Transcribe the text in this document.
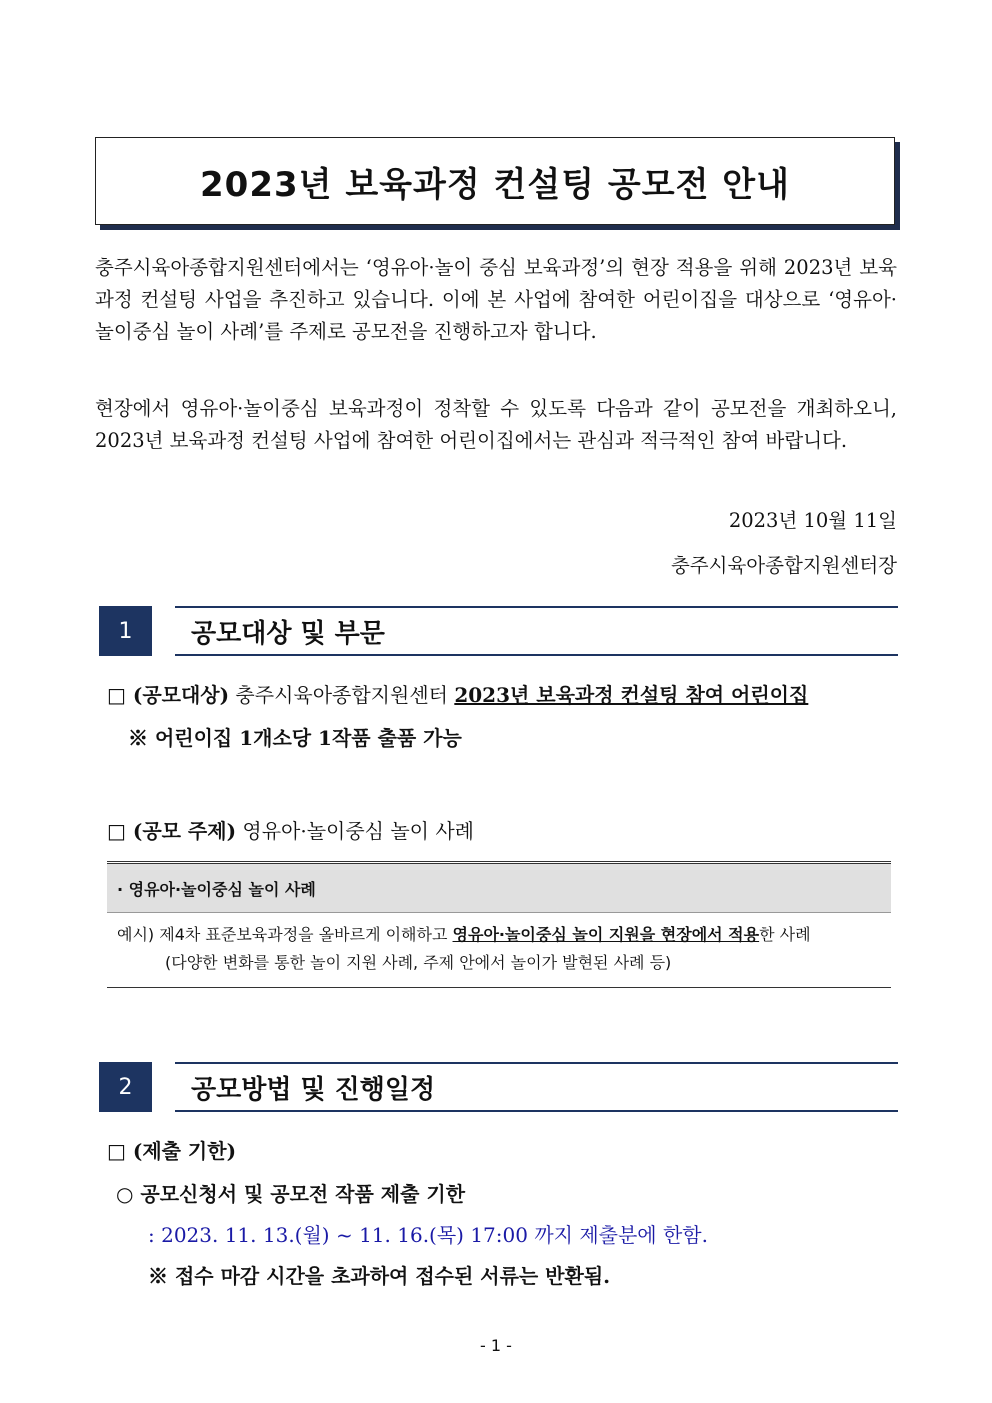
2023년 보육과정 컨설팅 공모전 안내

충주시육아종합지원센터에서는 ‘영유아·놀이 중심 보육과정’의 현장 적용을 위해 2023년 보육과정 컨설팅 사업을 추진하고 있습니다. 이에 본 사업에 참여한 어린이집을 대상으로 ‘영유아·놀이중심 놀이 사례’를 주제로 공모전을 진행하고자 합니다.

현장에서 영유아·놀이중심 보육과정이 정착할 수 있도록 다음과 같이 공모전을 개최하오니, 2023년 보육과정 컨설팅 사업에 참여한 어린이집에서는 관심과 적극적인 참여 바랍니다.

2023년 10월 11일
충주시육아종합지원센터장
1	공모대상 및 부문
□ (공모대상) 충주시육아종합지원센터 2023년 보육과정 컨설팅 참여 어린이집
※ 어린이집 1개소당 1작품 출품 가능
□ (공모 주제) 영유아·놀이중심 놀이 사례
· 영유아·놀이중심 놀이 사례
예시) 제4차 표준보육과정을 올바르게 이해하고 영유아·놀이중심 놀이 지원을 현장에서 적용한 사례
(다양한 변화를 통한 놀이 지원 사례, 주제 안에서 놀이가 발현된 사례 등)
2	공모방법 및 진행일정
□ (제출 기한)
○ 공모신청서 및 공모전 작품 제출 기한
: 2023. 11. 13.(월) ~ 11. 16.(목) 17:00 까지 제출분에 한함.
※ 접수 마감 시간을 초과하여 접수된 서류는 반환됨.
- 1 -
